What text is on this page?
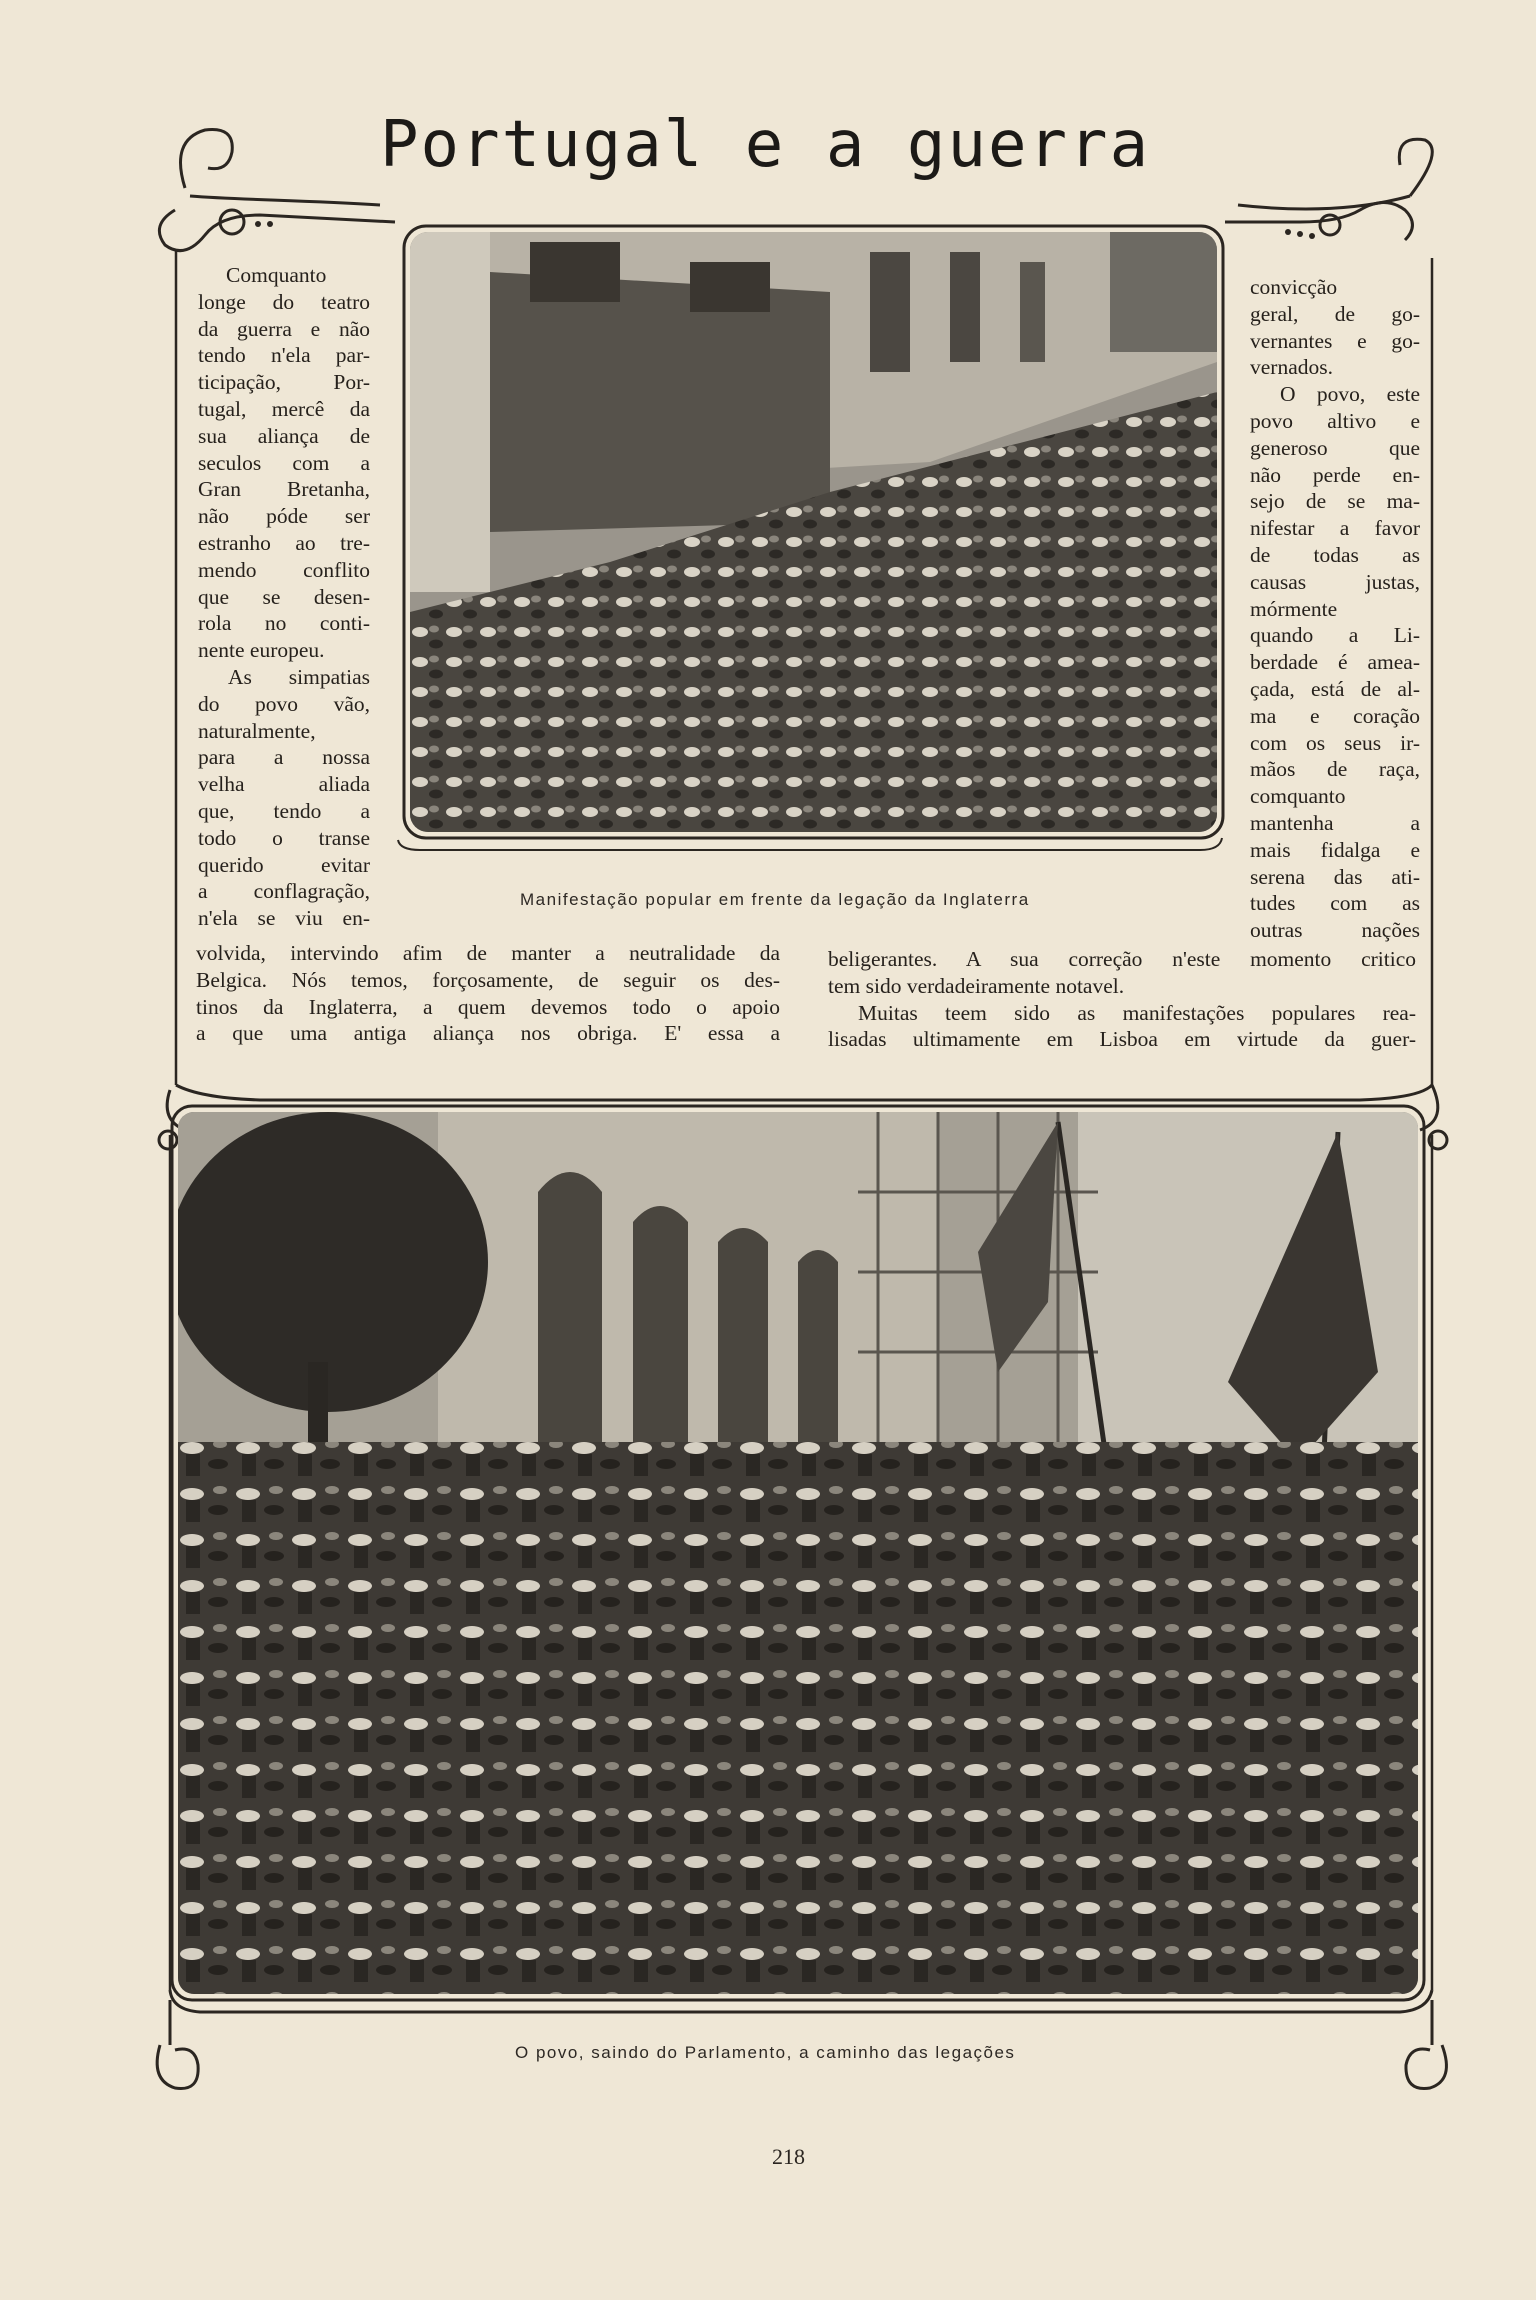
Portugal e a guerra
Manifestação popular em frente da legação da Inglaterra
Comquanto
longe do teatro
da guerra e não
tendo n'ela par-
ticipação, Por-
tugal, mercê da
sua aliança de
seculos com a
Gran Bretanha,
não póde ser
estranho ao tre-
mendo conflito
que se desen-
rola no conti-
nente europeu.
As simpatias
do povo vão,
naturalmente,
para a nossa
velha aliada
que, tendo a
todo o transe
querido evitar
a conflagração,
n'ela se viu en-
convicção
geral, de go-
vernantes e go-
vernados.
O povo, este
povo altivo e
generoso que
não perde en-
sejo de se ma-
nifestar a favor
de todas as
causas justas,
mórmente
quando a Li-
berdade é amea-
çada, está de al-
ma e coração
com os seus ir-
mãos de raça,
comquanto
mantenha a
mais fidalga e
serena das ati-
tudes com as
outras nações
volvida, intervindo afim de manter a neutralidade da
Belgica. Nós temos, forçosamente, de seguir os des-
tinos da Inglaterra, a quem devemos todo o apoio
a que uma antiga aliança nos obriga. E' essa a
beligerantes. A sua correção n'este momento critico
tem sido verdadeiramente notavel.
Muitas teem sido as manifestações populares rea-
lisadas ultimamente em Lisboa em virtude da guer-
O povo, saindo do Parlamento, a caminho das legações
218
